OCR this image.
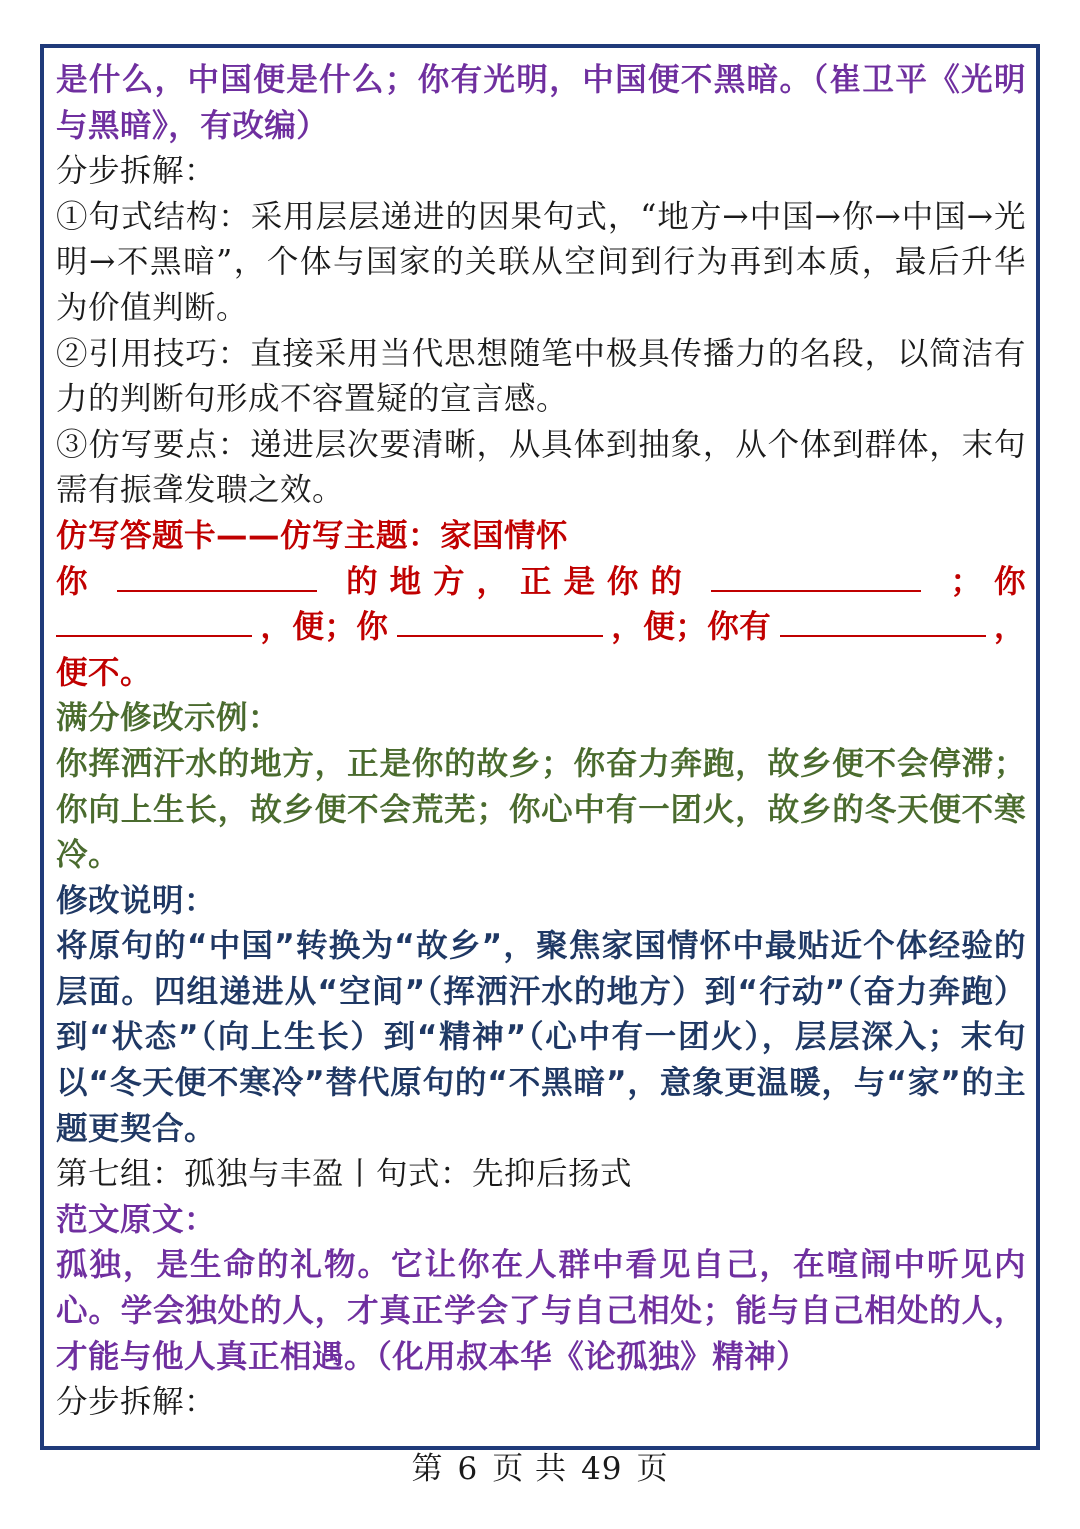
是什么，中国便是什么；你有光明，中国便不黑暗。（崔卫平《光明与黑暗》，有改编）

分步拆解：

①句式结构：采用层层递进的因果句式，“地方→中国→你→中国→光明→不黑暗”，个体与国家的关联从空间到行为再到本质，最后升华为价值判断。

②引用技巧：直接采用当代思想随笔中极具传播力的名段，以简洁有力的判断句形成不容置疑的宣言感。

③仿写要点：递进层次要清晰，从具体到抽象，从个体到群体，末句需有振聋发聩之效。

仿写答题卡——仿写主题：家国情怀

你	的 地 方 ， 正 是 你 的	； 你
，便；你	，便；你有	，

便不。

满分修改示例：

你挥洒汗水的地方，正是你的故乡；你奋力奔跑，故乡便不会停滞；你向上生长，故乡便不会荒芜；你心中有一团火，故乡的冬天便不寒冷。

修改说明：

将原句的“中国”转换为“故乡”，聚焦家国情怀中最贴近个体经验的层面。四组递进从“空间”（挥洒汗水的地方）到“行动”（奋力奔跑）到“状态”（向上生长）到“精神”（心中有一团火），层层深入；末句以“冬天便不寒冷”替代原句的“不黑暗”，意象更温暖，与“家”的主题更契合。

第七组：孤独与丰盈丨句式：先抑后扬式

范文原文：

孤独，是生命的礼物。它让你在人群中看见自己，在喧闹中听见内心。学会独处的人，才真正学会了与自己相处；能与自己相处的人，才能与他人真正相遇。（化用叔本华《论孤独》精神）

分步拆解：

第 6 页 共 49 页
